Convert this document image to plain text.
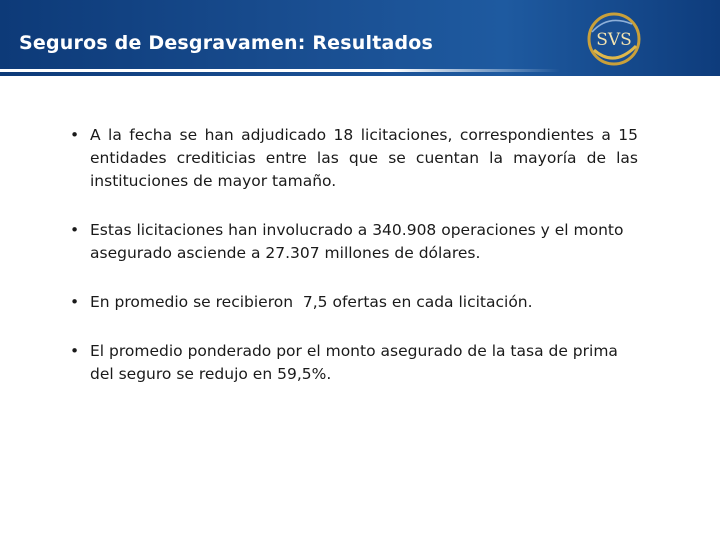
Seguros de Desgravamen: Resultados	SVS
• A la fecha se han adjudicado 18 licitaciones, correspondientes a 15 entidades crediticias entre las que se cuentan la mayoría de las instituciones de mayor tamaño.
• Estas licitaciones han involucrado a 340.908 operaciones y el monto asegurado asciende a 27.307 millones de dólares.
• En promedio se recibieron  7,5 ofertas en cada licitación.
• El promedio ponderado por el monto asegurado de la tasa de prima del seguro se redujo en 59,5%.
